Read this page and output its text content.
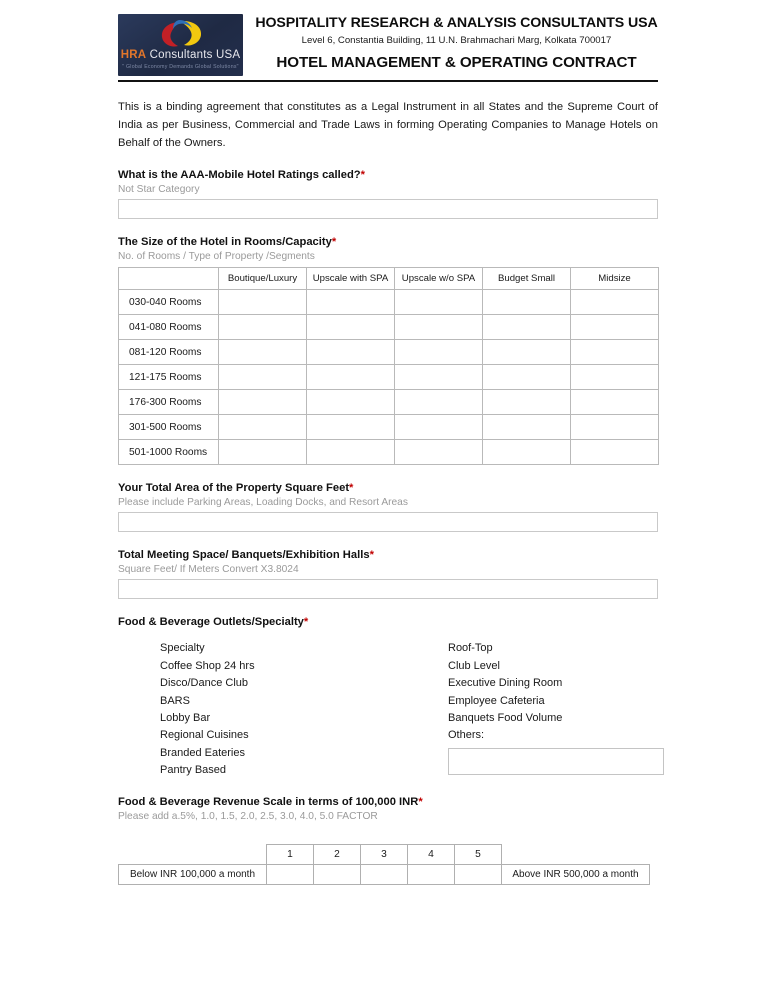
HRA Consultants USA
" Global Economy Demands Global Solutions"
HOSPITALITY RESEARCH & ANALYSIS CONSULTANTS USA
Level 6, Constantia Building, 11 U.N. Brahmachari Marg, Kolkata 700017
HOTEL MANAGEMENT & OPERATING CONTRACT
This is a binding agreement that constitutes as a Legal Instrument in all States and the Supreme Court of India as per Business, Commercial and Trade Laws in forming Operating Companies to Manage Hotels on Behalf of the Owners.
What is the AAA-Mobile Hotel Ratings called?*
Not Star Category
The Size of the Hotel in Rooms/Capacity*
No. of Rooms / Type of Property /Segments
	Boutique/Luxury	Upscale with SPA	Upscale w/o SPA	Budget Small	Midsize
030-040 Rooms					
041-080 Rooms					
081-120 Rooms					
121-175 Rooms					
176-300 Rooms					
301-500 Rooms					
501-1000 Rooms					
Your Total Area of the Property Square Feet*
Please include Parking Areas, Loading Docks, and Resort Areas
Total Meeting Space/ Banquets/Exhibition Halls*
Square Feet/ If Meters Convert X3.8024
Food & Beverage Outlets/Specialty*
Specialty
Coffee Shop 24 hrs
Disco/Dance Club
BARS
Lobby Bar
Regional Cuisines
Branded Eateries
Pantry Based
Roof-Top
Club Level
Executive Dining Room
Employee Cafeteria
Banquets Food Volume
Others:
Food & Beverage Revenue Scale in terms of 100,000 INR*
Please add a.5%, 1.0, 1.5, 2.0, 2.5, 3.0, 4.0, 5.0 FACTOR
	1	2	3	4	5	
Below INR 100,000 a month						Above INR 500,000 a month
